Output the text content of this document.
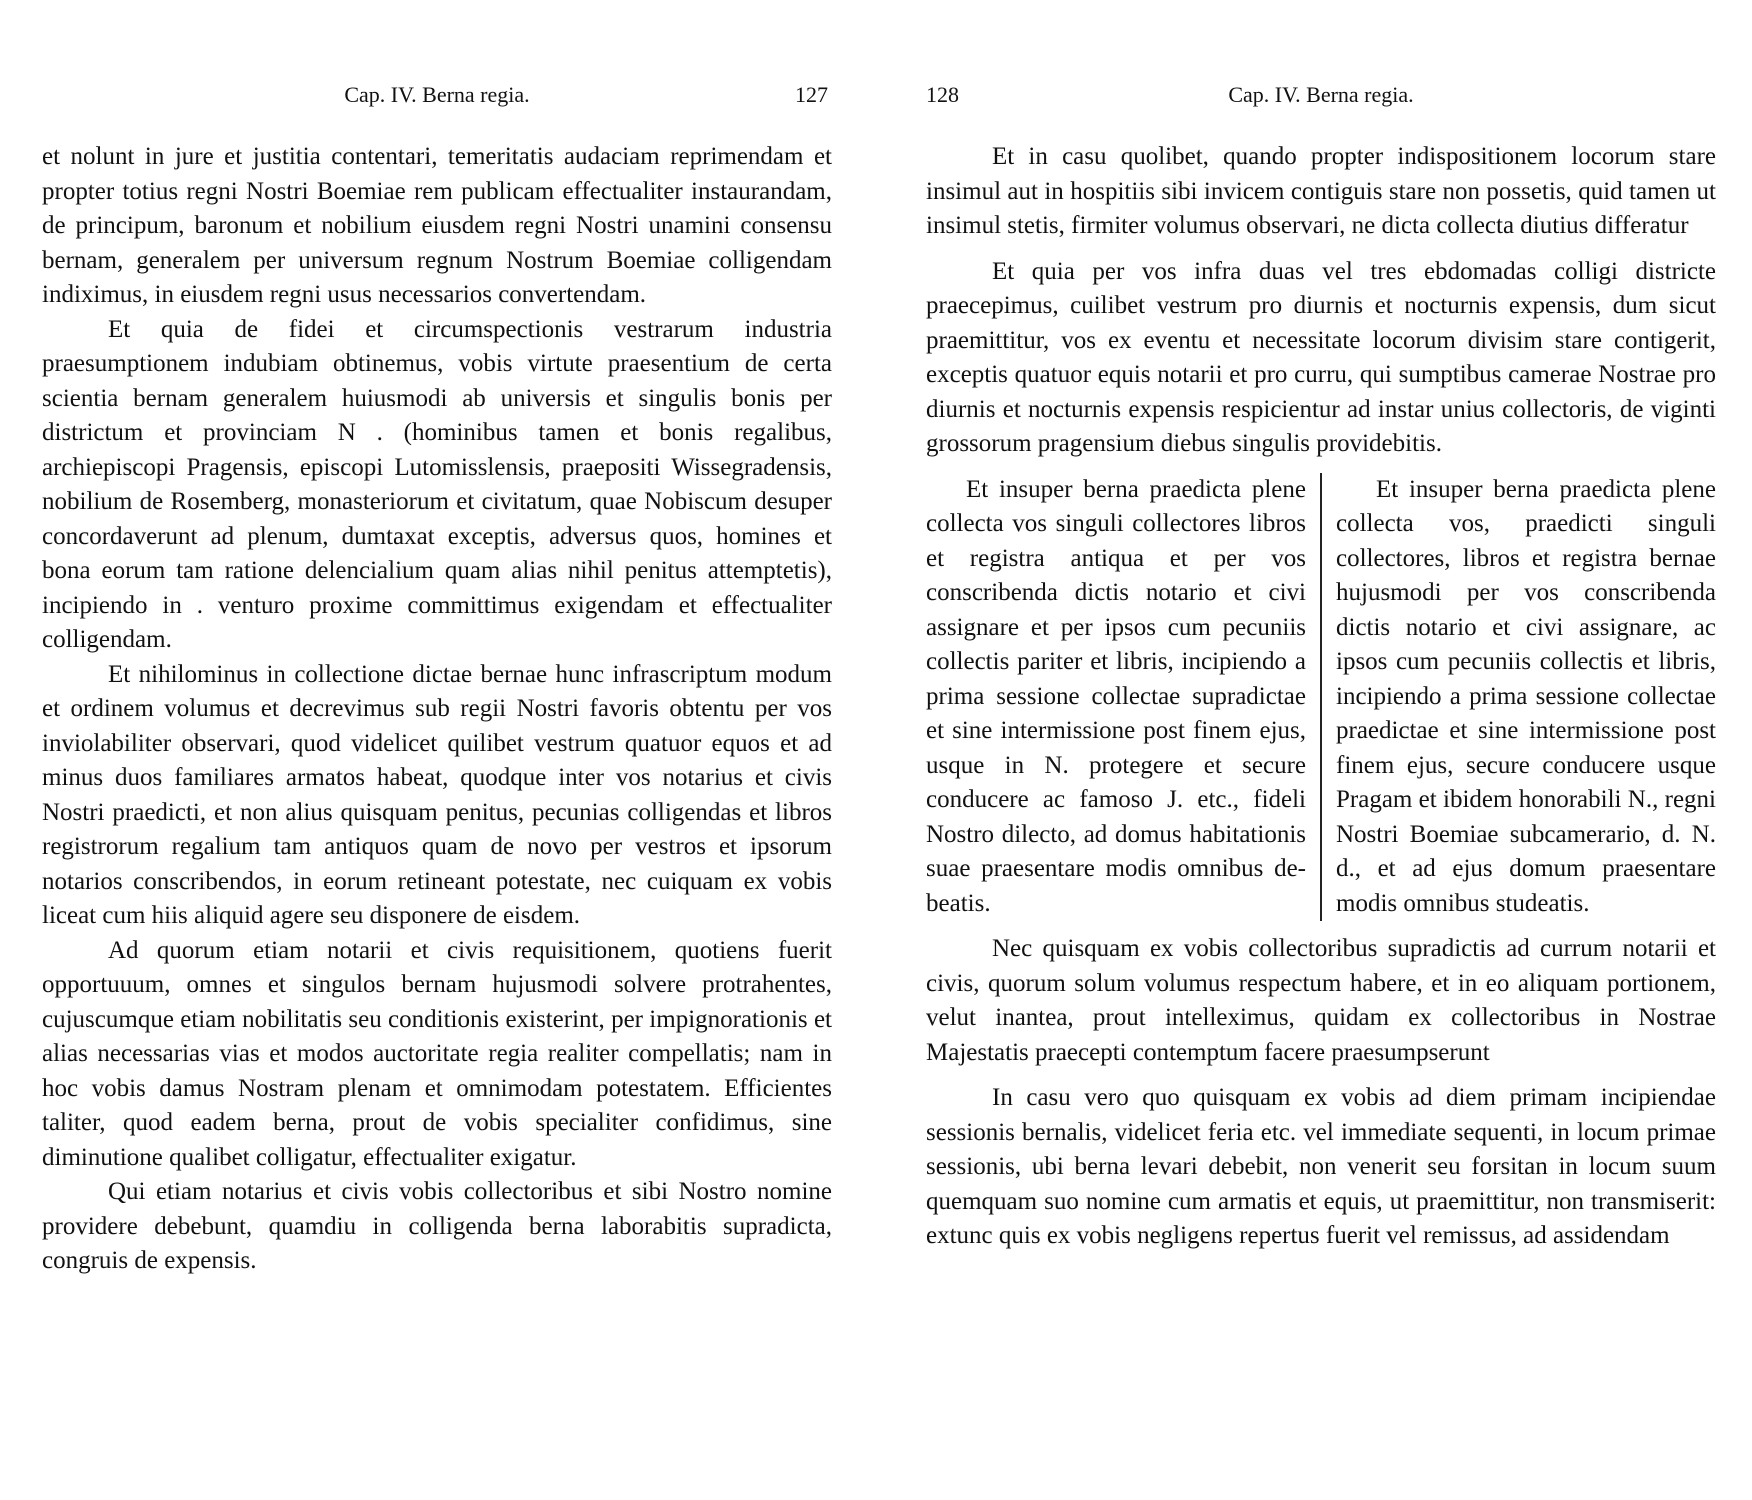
Cap. IV. Berna regia.	127

et nolunt in jure et justitia contentari, temeritatis audaciam reprimendam et propter totius regni Nostri Boemiae rem publicam effectualiter instaurandam, de principum, baronum et nobilium eiusdem regni Nostri unamini consensu bernam, generalem per universum regnum Nostrum Boemiae colligendam indiximus, in eiusdem regni usus necessarios convertendam.

Et quia de fidei et circumspectionis vestrarum industria praesumptionem indubiam obtinemus, vobis virtute praesentium de certa scientia bernam generalem huiusmodi ab universis et singulis bonis per districtum et provinciam N . (hominibus tamen et bonis regalibus, archiepiscopi Pragensis, episcopi Lutomisslensis, praepositi Wissegradensis, nobilium de Rosemberg, monasteriorum et civitatum, quae Nobiscum desuper concordaverunt ad plenum, dumtaxat exceptis, adversus quos, homines et bona eorum tam ratione delencialium quam alias nihil penitus attemptetis), incipiendo in . venturo proxime committimus exigendam et effectualiter colligendam.

Et nihilominus in collectione dictae bernae hunc infrascriptum modum et ordinem volumus et decrevimus sub regii Nostri favoris obtentu per vos inviolabiliter observari, quod videlicet quilibet vestrum quatuor equos et ad minus duos familiares armatos habeat, quodque inter vos notarius et civis Nostri praedicti, et non alius quisquam penitus, pecunias colligendas et libros registrorum regalium tam antiquos quam de novo per vestros et ipsorum notarios conscribendos, in eorum retineant potestate, nec cuiquam ex vobis liceat cum hiis aliquid agere seu disponere de eisdem.

Ad quorum etiam notarii et civis requisitionem, quotiens fuerit opportuuum, omnes et singulos bernam hujusmodi solvere protrahentes, cujuscumque etiam nobilitatis seu conditionis existerint, per impignorationis et alias necessarias vias et modos auctoritate regia realiter compellatis; nam in hoc vobis damus Nostram plenam et omnimodam potestatem. Efficientes taliter, quod eadem berna, prout de vobis specialiter confidimus, sine diminutione qualibet colligatur, effectualiter exigatur.

Qui etiam notarius et civis vobis collectoribus et sibi Nostro nomine providere debebunt, quamdiu in colligenda berna laborabitis supradicta, congruis de expensis.

128	Cap. IV. Berna regia.

Et in casu quolibet, quando propter indispositionem locorum stare insimul aut in hospitiis sibi invicem contiguis stare non possetis, quid tamen ut insimul stetis, firmiter volumus observari, ne dicta collecta diutius differatur

Et quia per vos infra duas vel tres ebdomadas colligi districte praecepimus, cuilibet vestrum pro diurnis et nocturnis expensis, dum sicut praemittitur, vos ex eventu et necessitate locorum divisim stare contigerit, exceptis quatuor equis notarii et pro curru, qui sumptibus camerae Nostrae pro diurnis et nocturnis expensis respicientur ad instar unius collectoris, de viginti grossorum pragensium diebus singulis providebitis.

Et insuper berna praedicta plene collecta vos singuli collectores libros et registra antiqua et per vos conscribenda dictis notario et civi assignare et per ipsos cum pecuniis collectis pariter et libris, incipiendo a prima sessione collectae supradictae et sine intermissione post finem ejus, usque in N. protegere et secure conducere ac famoso J. etc., fideli Nostro dilecto, ad domus habitationis suae praesentare modis omnibus debeatis.

Et insuper berna praedicta plene collecta vos, praedicti singuli collectores, libros et registra bernae hujusmodi per vos conscribenda dictis notario et civi assignare, ac ipsos cum pecuniis collectis et libris, incipiendo a prima sessione collectae praedictae et sine intermissione post finem ejus, secure conducere usque Pragam et ibidem honorabili N., regni Nostri Boemiae subcamerario, d. N. d., et ad ejus domum praesentare modis omnibus studeatis.

Nec quisquam ex vobis collectoribus supradictis ad currum notarii et civis, quorum solum volumus respectum habere, et in eo aliquam portionem, velut inantea, prout intelleximus, quidam ex collectoribus in Nostrae Majestatis praecepti contemptum facere praesumpserunt

In casu vero quo quisquam ex vobis ad diem primam incipiendae sessionis bernalis, videlicet feria etc. vel immediate sequenti, in locum primae sessionis, ubi berna levari debebit, non venerit seu forsitan in locum suum quemquam suo nomine cum armatis et equis, ut praemittitur, non transmiserit: extunc quis ex vobis negligens repertus fuerit vel remissus, ad assidendam
